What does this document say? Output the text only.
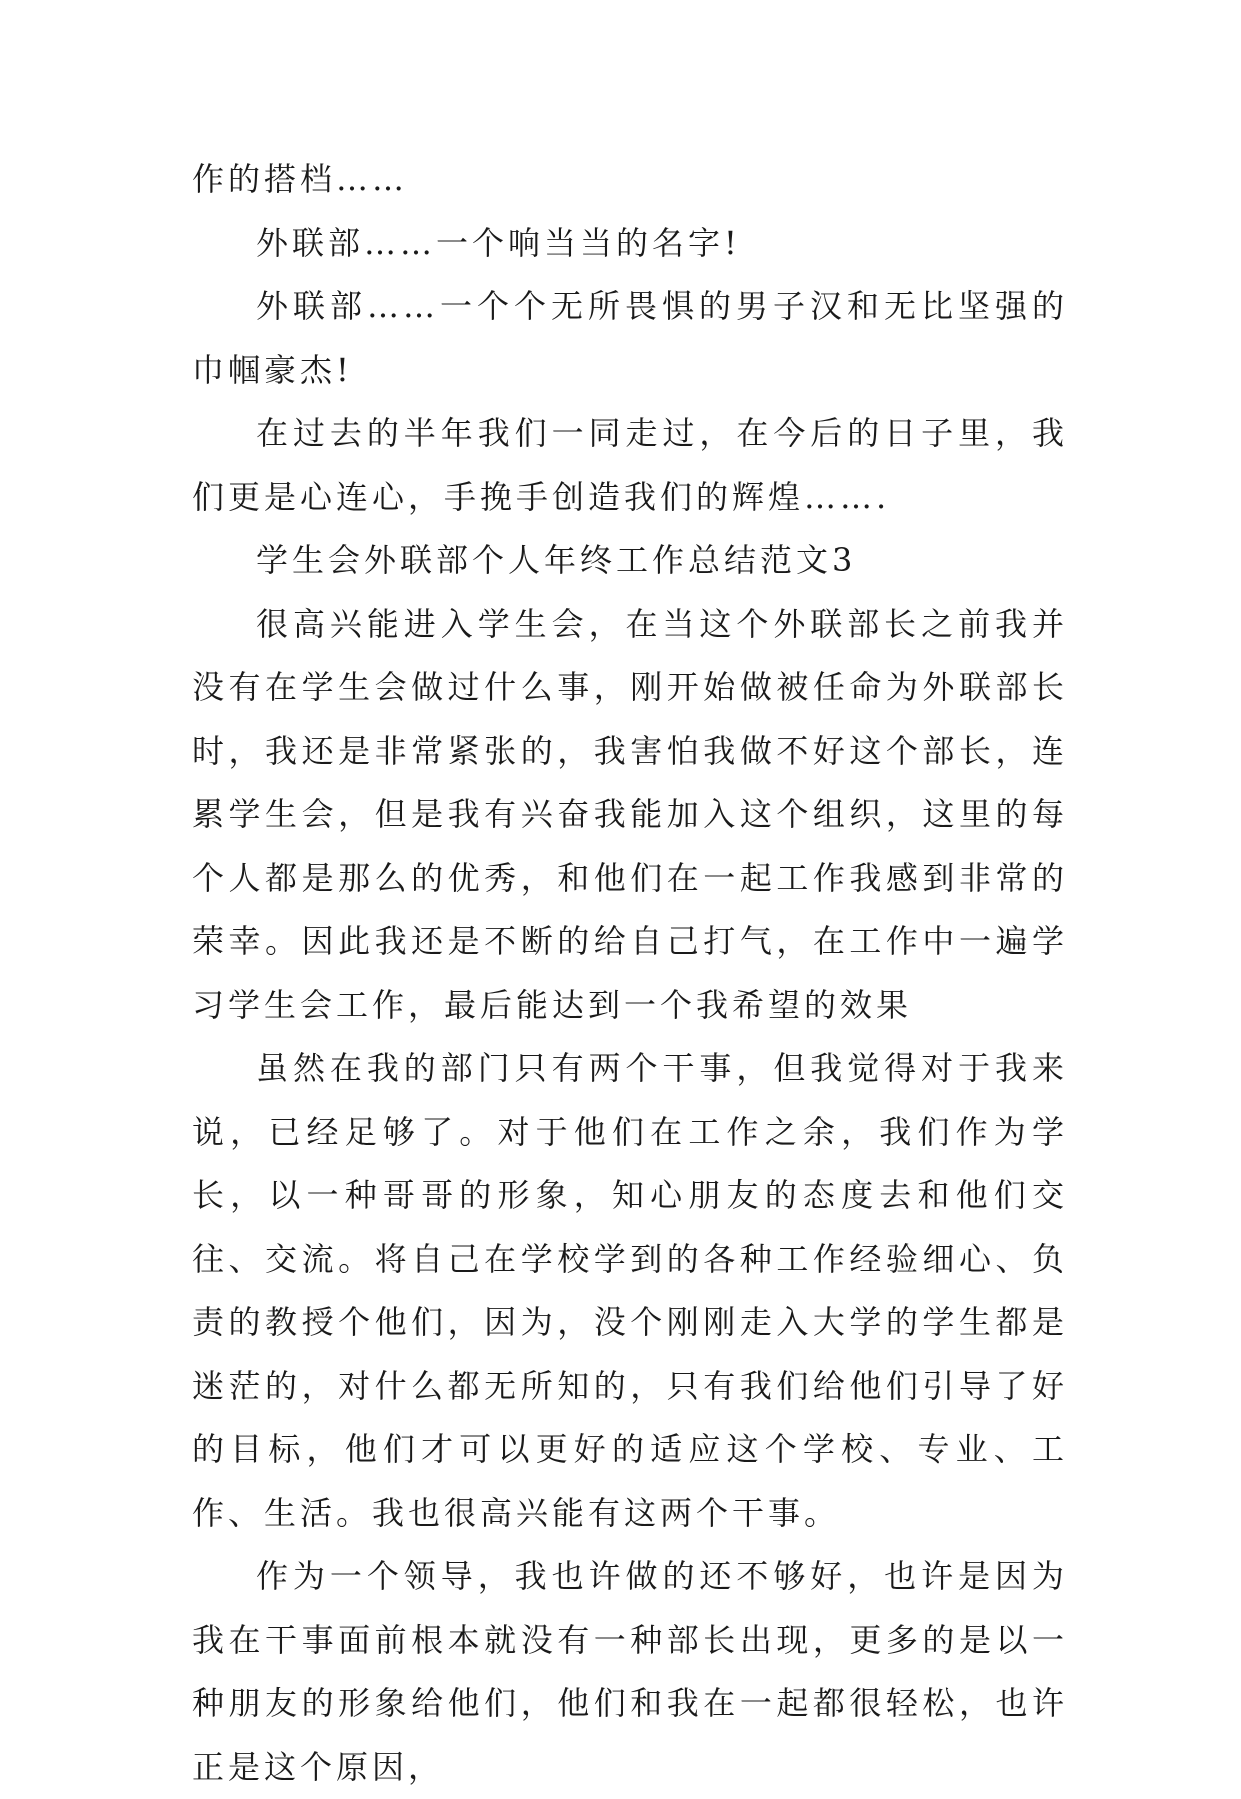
作的搭档……

外联部……一个响当当的名字!

外联部……一个个无所畏惧的男子汉和无比坚强的巾帼豪杰!

在过去的半年我们一同走过，在今后的日子里，我们更是心连心，手挽手创造我们的辉煌…….

学生会外联部个人年终工作总结范文3

很高兴能进入学生会，在当这个外联部长之前我并没有在学生会做过什么事，刚开始做被任命为外联部长时，我还是非常紧张的，我害怕我做不好这个部长，连累学生会，但是我有兴奋我能加入这个组织，这里的每个人都是那么的优秀，和他们在一起工作我感到非常的荣幸。因此我还是不断的给自己打气，在工作中一遍学习学生会工作，最后能达到一个我希望的效果

虽然在我的部门只有两个干事，但我觉得对于我来说，已经足够了。对于他们在工作之余，我们作为学长，以一种哥哥的形象，知心朋友的态度去和他们交往、交流。将自己在学校学到的各种工作经验细心、负责的教授个他们，因为，没个刚刚走入大学的学生都是迷茫的，对什么都无所知的，只有我们给他们引导了好的目标，他们才可以更好的适应这个学校、专业、工作、生活。我也很高兴能有这两个干事。

作为一个领导，我也许做的还不够好，也许是因为我在干事面前根本就没有一种部长出现，更多的是以一种朋友的形象给他们，他们和我在一起都很轻松，也许正是这个原因，
